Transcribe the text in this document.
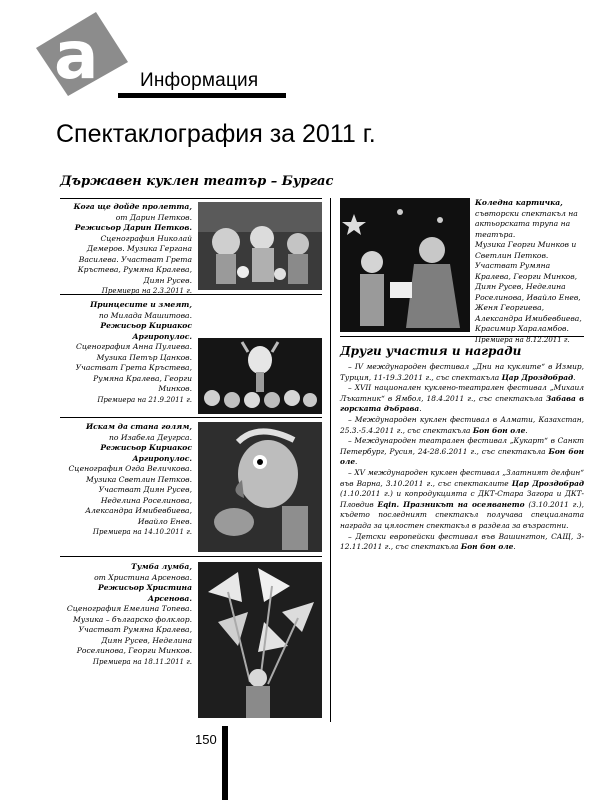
а Информация
Спектаклография за 2011 г.
Държавен куклен театър – Бургас
Кога ще дойде пролетта,
от Дарин Петков.
Режисьор Дарин Петков.
Сценография Николай Демеров. Музика Гергана Василева. Участват Грета Кръстева, Румяна Кралева, Диян Русев.
Премиера на 2.3.2011 г.
Принцесите и змеят,
по Милада Машитова.
Режисьор Кириакос Аргиропулос.
Сценография Анна Пулиева. Музика Петър Цанков. Участват Грета Кръстева, Румяна Кралева, Георги Минков.
Премиера на 21.9.2011 г.
Искам да стана голям,
по Изабела Деугрса.
Режисьор Кириакос Аргиропулос.
Сценография Огда Величкова. Музика Светлин Петков. Участват Диян Русев, Неделина Роселинова, Александра Имибевбиева, Ивайло Енев.
Премиера на 14.10.2011 г.
Тумба лумба,
от Христина Арсенова.
Режисьор Христина Арсенова.
Сценография Емелина Топева. Музика – българско фолклор. Участват Румяна Кралева, Диян Русев, Неделина Роселинова, Георги Минков.
Премиера на 18.11.2011 г.
Коледна картичка, съвторски спектакъл на актьорската трупа на театъра.
Музика Георги Минков и Светлин Петков. Участват Румяна Кралева, Георги Минков, Диян Русев, Неделина Роселинова, Ивайло Енев, Женя Георгиева, Александра Имибевбиева, Красимир Хараламбов.
Премиера на 8.12.2011 г.
Други участия и награди

– IV международен фестивал „Дни на куклите“ в Измир, Турция, 11-19.3.2011 г., със спектакъла Цар Дроздобрад.

– XVII национален куклено-театрален фестивал „Михаил Лъкатник“ в Ямбол, 18.4.2011 г., със спектакъла Забава в горската дъбрава.

– Международен куклен фестивал в Алмати, Казахстан, 25.3.-5.4.2011 г., със спектакъла Бон бон оле.

– Международен театрален фестивал „Кукарт“ в Санкт Петербург, Русия, 24-28.6.2011 г., със спектакъла Бон бон оле.

– XV международен куклен фестивал „Златният делфин“ във Варна, 3.10.2011 г., със спектаклите Цар Дроздобрад (1.10.2011 г.) и копродукцията с ДКТ-Стара Загора и ДКТ-Пловдив Eqin. Празникът на осеяването (3.10.2011 г.), където последният спектакъл получава специалната награда за цялостен спектакъл в раздела за възрастни.

– Детски европейски фестивал във Вашингтон, САЩ, 3-12.11.2011 г., със спектакъла Бон бон оле.

150
